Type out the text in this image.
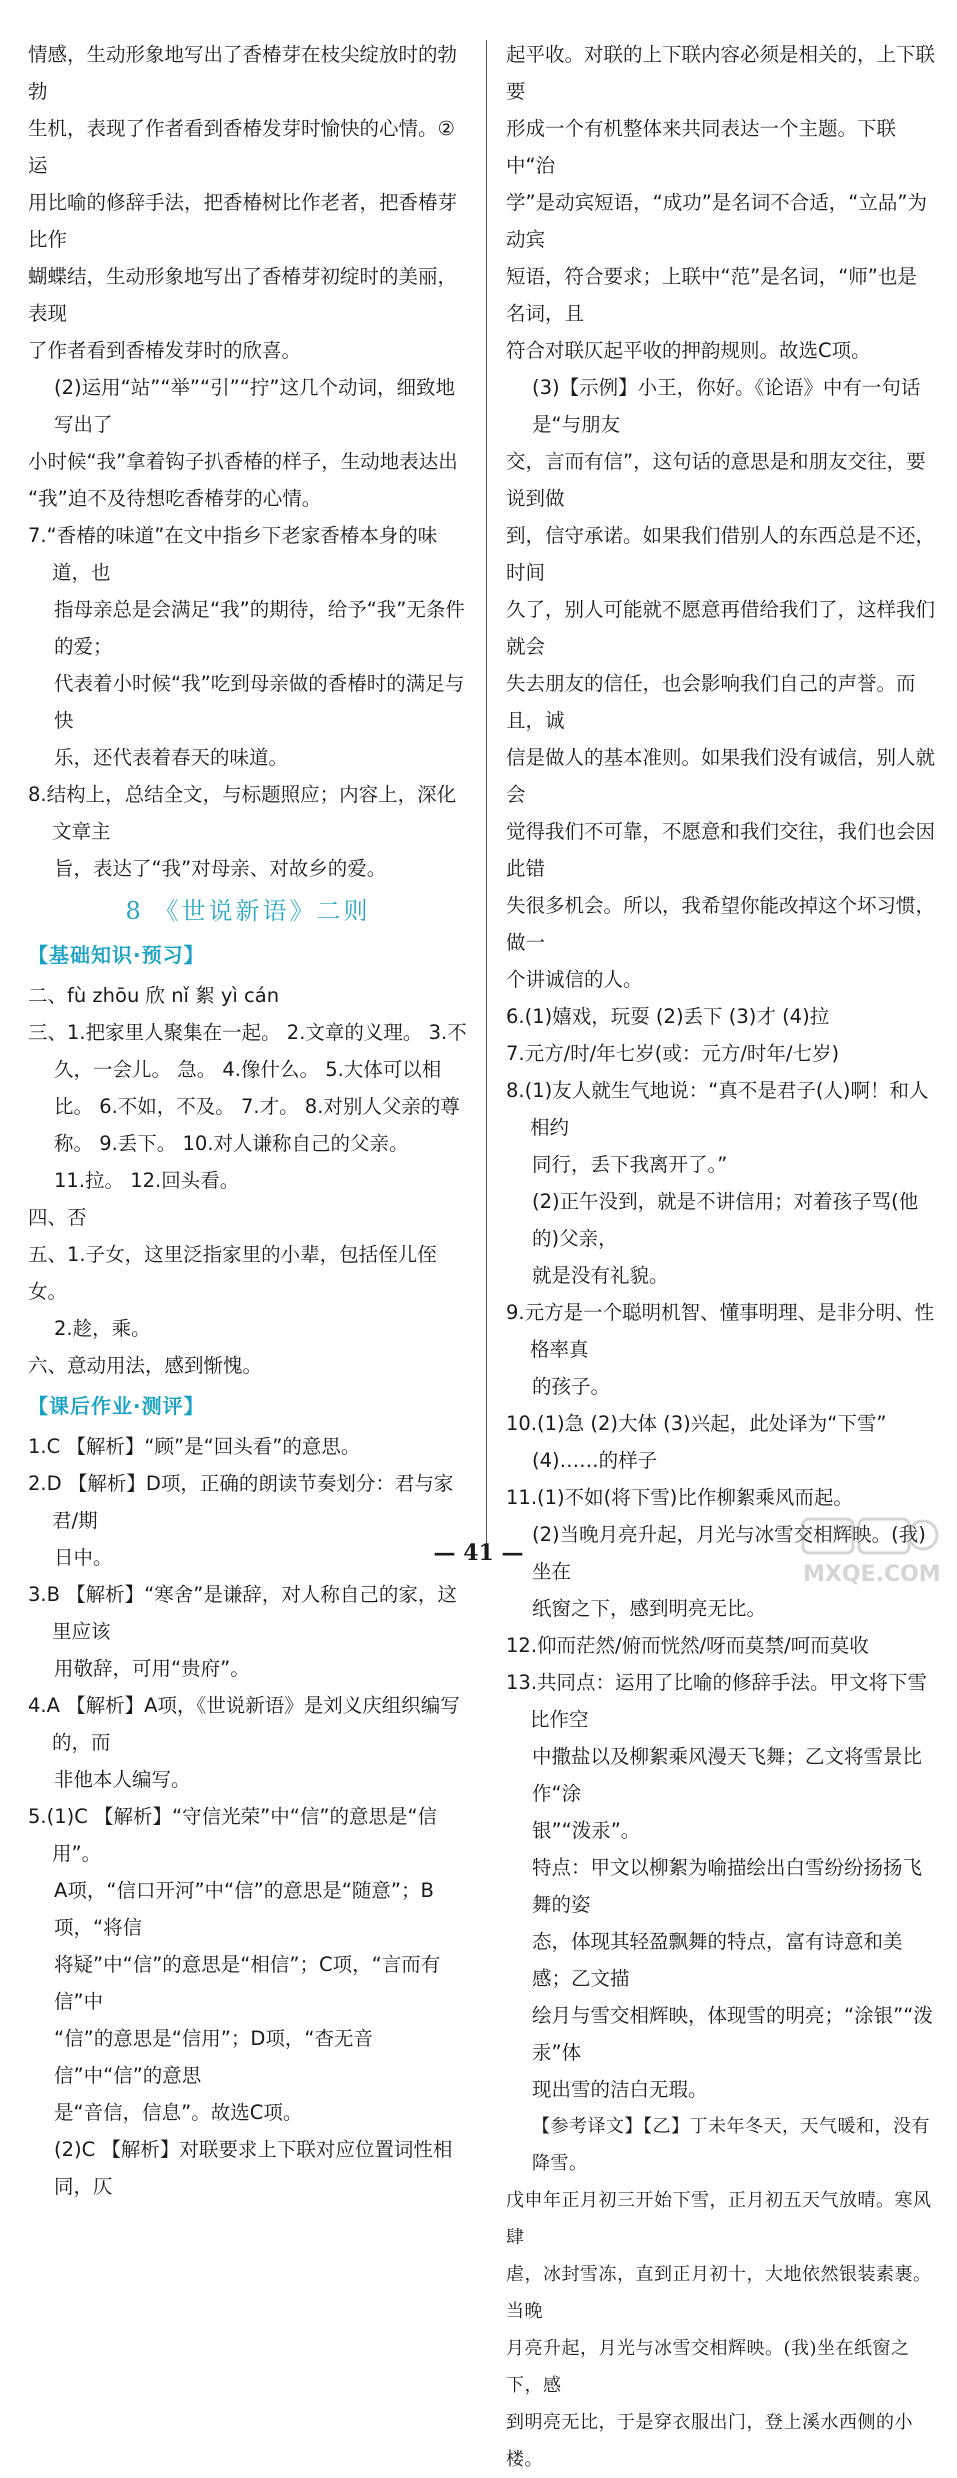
情感，生动形象地写出了香椿芽在枝尖绽放时的勃勃

生机，表现了作者看到香椿发芽时愉快的心情。②运

用比喻的修辞手法，把香椿树比作老者，把香椿芽比作

蝴蝶结，生动形象地写出了香椿芽初绽时的美丽，表现

了作者看到香椿发芽时的欣喜。

(2)运用“站”“举”“引”“拧”这几个动词，细致地写出了

小时候“我”拿着钩子扒香椿的样子，生动地表达出

“我”迫不及待想吃香椿芽的心情。

7.“香椿的味道”在文中指乡下老家香椿本身的味道，也

指母亲总是会满足“我”的期待，给予“我”无条件的爱；

代表着小时候“我”吃到母亲做的香椿时的满足与快

乐，还代表着春天的味道。

8.结构上，总结全文，与标题照应；内容上，深化文章主

旨，表达了“我”对母亲、对故乡的爱。

8 《世说新语》二则
【基础知识·预习】

二、fù zhōu 欣 nǐ 絮 yì cán

三、1.把家里人聚集在一起。 2.文章的义理。 3.不

久，一会儿。 急。 4.像什么。 5.大体可以相

比。 6.不如，不及。 7.才。 8.对别人父亲的尊

称。 9.丢下。 10.对人谦称自己的父亲。

11.拉。 12.回头看。

四、否

五、1.子女，这里泛指家里的小辈，包括侄儿侄女。

2.趁，乘。

六、意动用法，感到惭愧。

【课后作业·测评】

1.C 【解析】“顾”是“回头看”的意思。

2.D 【解析】D项，正确的朗读节奏划分：君与家君/期

日中。

3.B 【解析】“寒舍”是谦辞，对人称自己的家，这里应该

用敬辞，可用“贵府”。

4.A 【解析】A项，《世说新语》是刘义庆组织编写的，而

非他本人编写。

5.(1)C 【解析】“守信光荣”中“信”的意思是“信用”。

A项，“信口开河”中“信”的意思是“随意”；B项，“将信

将疑”中“信”的意思是“相信”；C项，“言而有信”中

“信”的意思是“信用”；D项，“杳无音信”中“信”的意思

是“音信，信息”。故选C项。

(2)C 【解析】对联要求上下联对应位置词性相同，仄

起平收。对联的上下联内容必须是相关的，上下联要

形成一个有机整体来共同表达一个主题。下联中“治

学”是动宾短语，“成功”是名词不合适，“立品”为动宾

短语，符合要求；上联中“范”是名词，“师”也是名词，且

符合对联仄起平收的押韵规则。故选C项。

(3)【示例】小王，你好。《论语》中有一句话是“与朋友

交，言而有信”，这句话的意思是和朋友交往，要说到做

到，信守承诺。如果我们借别人的东西总是不还，时间

久了，别人可能就不愿意再借给我们了，这样我们就会

失去朋友的信任，也会影响我们自己的声誉。而且，诚

信是做人的基本准则。如果我们没有诚信，别人就会

觉得我们不可靠，不愿意和我们交往，我们也会因此错

失很多机会。所以，我希望你能改掉这个坏习惯，做一

个讲诚信的人。

6.(1)嬉戏，玩耍 (2)丢下 (3)才 (4)拉

7.元方/时/年七岁(或：元方/时年/七岁)

8.(1)友人就生气地说：“真不是君子(人)啊！和人相约

同行，丢下我离开了。”

(2)正午没到，就是不讲信用；对着孩子骂(他的)父亲，

就是没有礼貌。

9.元方是一个聪明机智、懂事明理、是非分明、性格率真

的孩子。

10.(1)急 (2)大体 (3)兴起，此处译为“下雪”

(4)……的样子

11.(1)不如(将下雪)比作柳絮乘风而起。

(2)当晚月亮升起，月光与冰雪交相辉映。(我)坐在

纸窗之下，感到明亮无比。

12.仰而茫然/俯而恍然/呀而莫禁/呵而莫收

13.共同点：运用了比喻的修辞手法。甲文将下雪比作空

中撒盐以及柳絮乘风漫天飞舞；乙文将雪景比作“涂

银”“泼汞”。

特点：甲文以柳絮为喻描绘出白雪纷纷扬扬飞舞的姿

态，体现其轻盈飘舞的特点，富有诗意和美感；乙文描

绘月与雪交相辉映，体现雪的明亮；“涂银”“泼汞”体

现出雪的洁白无瑕。

【参考译文】【乙】丁未年冬天，天气暖和，没有降雪。

戊申年正月初三开始下雪，正月初五天气放晴。寒风肆

虐，冰封雪冻，直到正月初十，大地依然银装素裹。当晚

月亮升起，月光与冰雪交相辉映。(我)坐在纸窗之下，感

到明亮无比，于是穿衣服出门，登上溪水西侧的小楼。

— 41 —
MXQE.COM
